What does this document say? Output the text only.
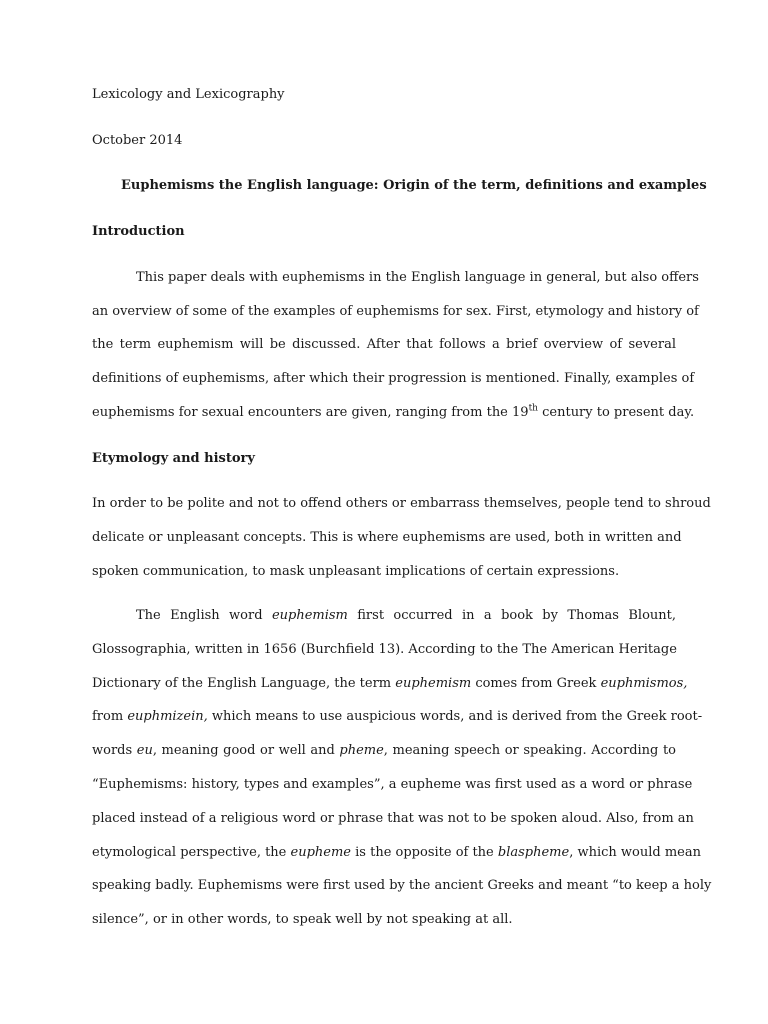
Lexicology and Lexicography

October 2014

Euphemisms the English language: Origin of the term, definitions and examples

Introduction

This paper deals with euphemisms in the English language in general, but also offers

an overview of some of the examples of euphemisms for sex. First, etymology and history of

the term euphemism will be discussed. After that follows a brief overview of several

definitions of euphemisms, after which their progression is mentioned. Finally, examples of

euphemisms for sexual encounters are given, ranging from the 19th century to present day.

Etymology and history

In order to be polite and not to offend others or embarrass themselves, people tend to shroud

delicate or unpleasant concepts. This is where euphemisms are used, both in written and

spoken communication, to mask unpleasant implications of certain expressions.

The English word euphemism first occurred in a book by Thomas Blount,

Glossographia, written in 1656 (Burchfield 13). According to the The American Heritage

Dictionary of the English Language, the term euphemism comes from Greek euphmismos,

from euphmizein, which means to use auspicious words, and is derived from the Greek root-

words eu, meaning good or well and pheme, meaning speech or speaking. According to

“Euphemisms: history, types and examples”, a eupheme was first used as a word or phrase

placed instead of a religious word or phrase that was not to be spoken aloud. Also, from an

etymological perspective, the eupheme is the opposite of the blaspheme, which would mean

speaking badly. Euphemisms were first used by the ancient Greeks and meant “to keep a holy

silence”, or in other words, to speak well by not speaking at all.
